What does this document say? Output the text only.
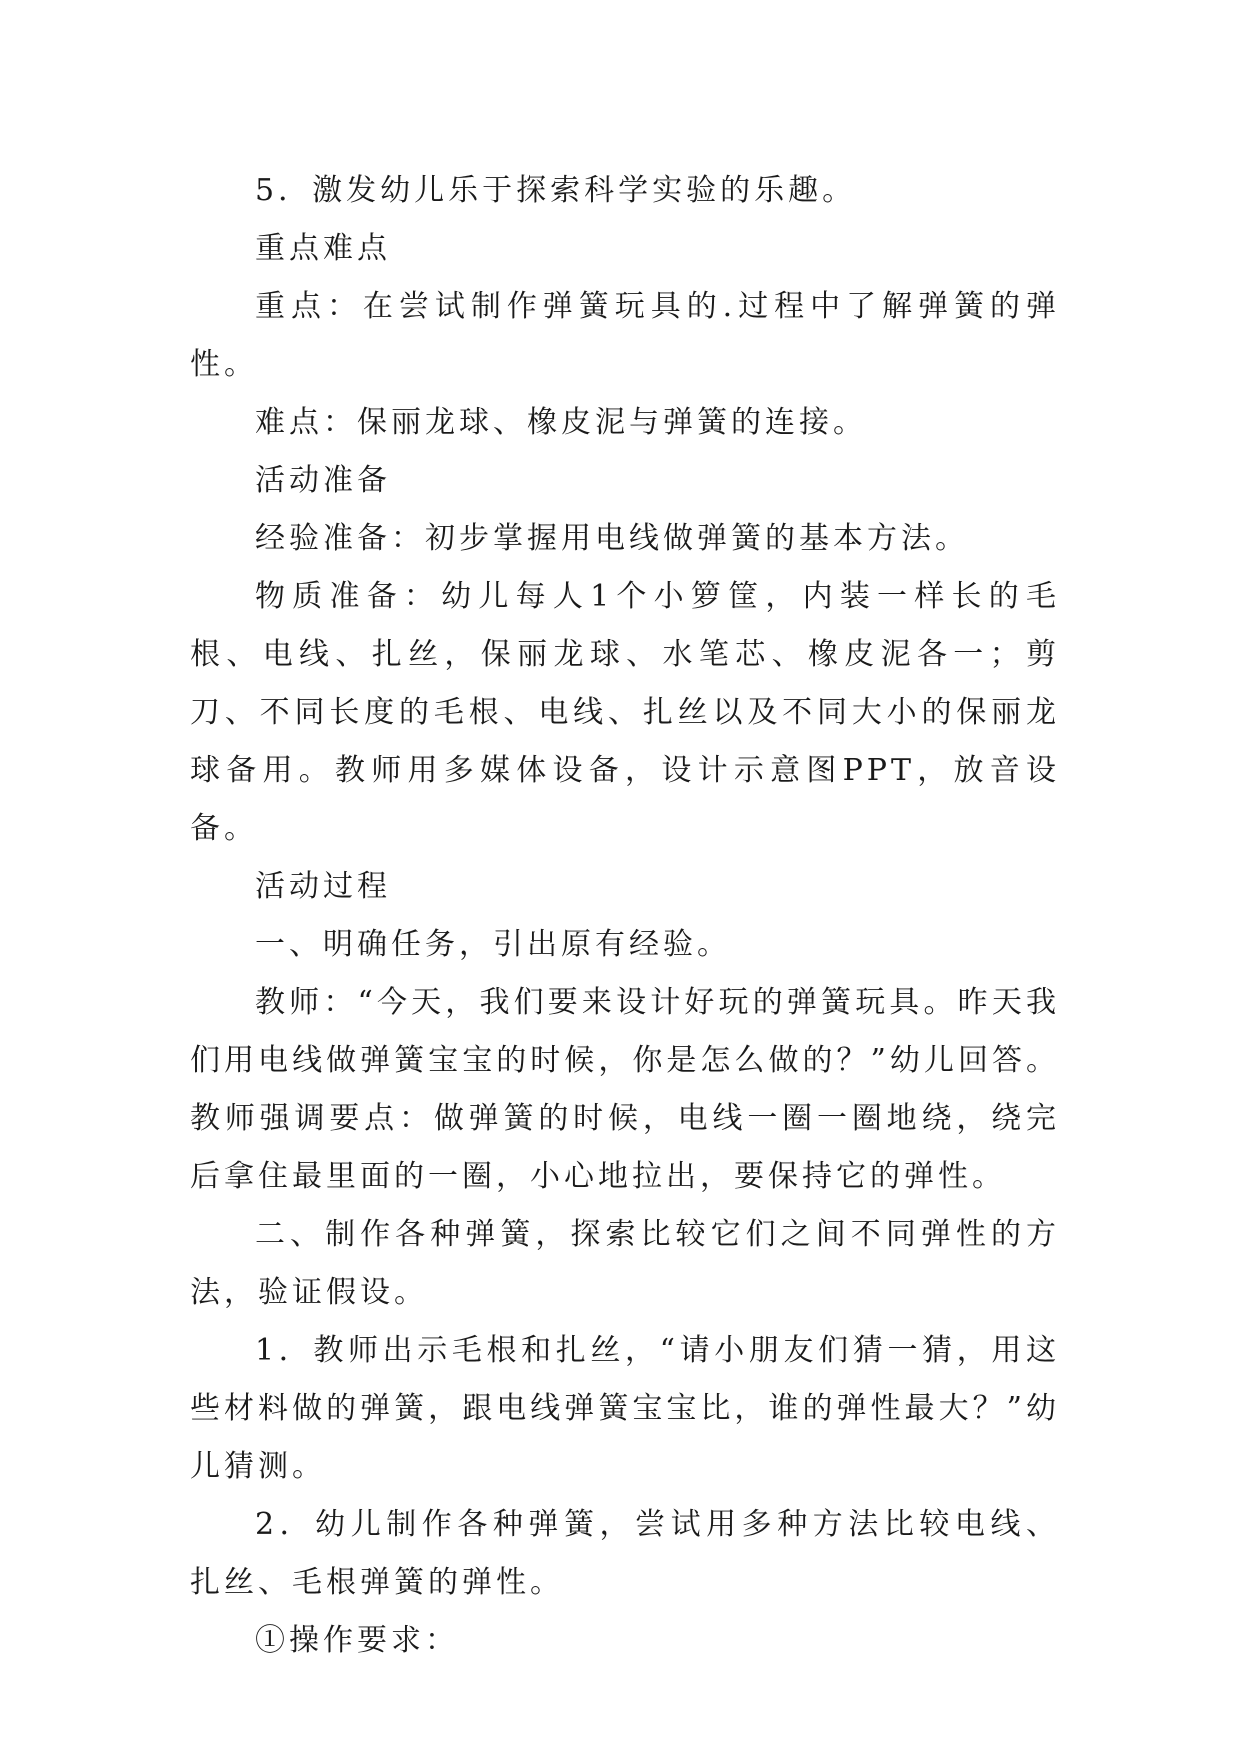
5．激发幼儿乐于探索科学实验的乐趣。

重点难点

重点：在尝试制作弹簧玩具的.过程中了解弹簧的弹性。

难点：保丽龙球、橡皮泥与弹簧的连接。

活动准备

经验准备：初步掌握用电线做弹簧的基本方法。

物质准备：幼儿每人1个小箩筐，内装一样长的毛根、电线、扎丝，保丽龙球、水笔芯、橡皮泥各一；剪刀、不同长度的毛根、电线、扎丝以及不同大小的保丽龙球备用。教师用多媒体设备，设计示意图PPT，放音设备。

活动过程

一、明确任务，引出原有经验。

教师：“今天，我们要来设计好玩的弹簧玩具。昨天我们用电线做弹簧宝宝的时候，你是怎么做的？”幼儿回答。教师强调要点：做弹簧的时候，电线一圈一圈地绕，绕完后拿住最里面的一圈，小心地拉出，要保持它的弹性。

二、制作各种弹簧，探索比较它们之间不同弹性的方法，验证假设。

1．教师出示毛根和扎丝，“请小朋友们猜一猜，用这些材料做的弹簧，跟电线弹簧宝宝比，谁的弹性最大？”幼儿猜测。

2．幼儿制作各种弹簧，尝试用多种方法比较电线、扎丝、毛根弹簧的弹性。

①操作要求：
